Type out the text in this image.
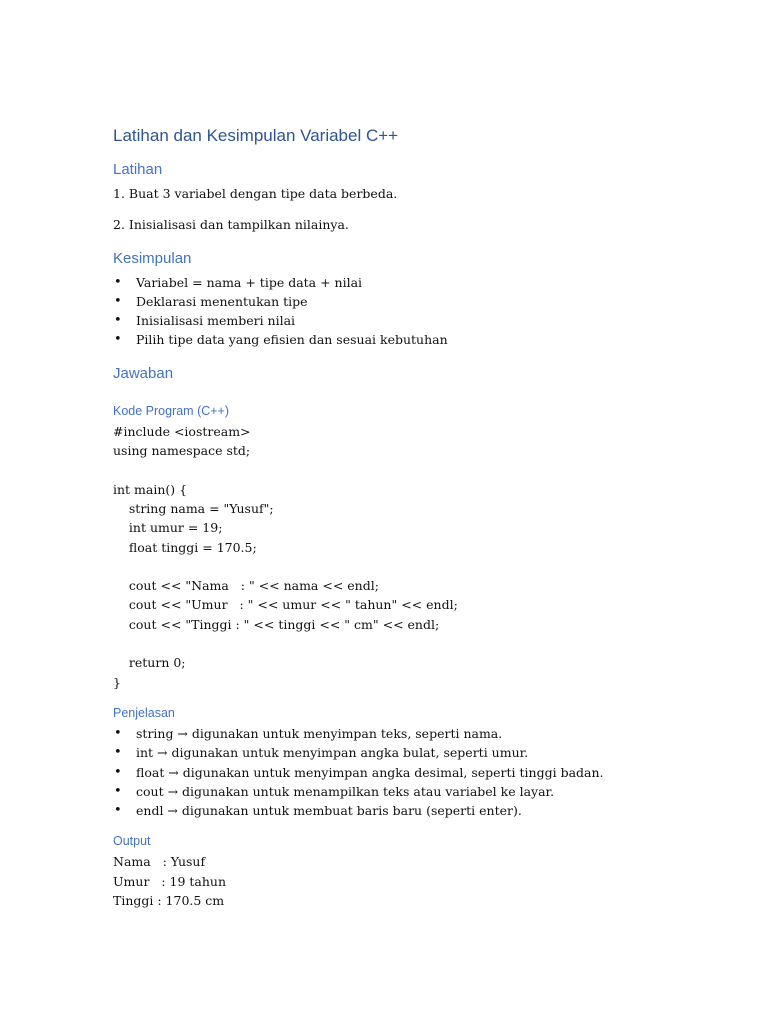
Latihan dan Kesimpulan Variabel C++
Latihan

1. Buat 3 variabel dengan tipe data berbeda.

2. Inisialisasi dan tampilkan nilainya.

Kesimpulan
• Variabel = nama + tipe data + nilai
• Deklarasi menentukan tipe
• Inisialisasi memberi nilai
• Pilih tipe data yang efisien dan sesuai kebutuhan
Jawaban
Kode Program (C++)
#include <iostream>
using namespace std;
int main() {
string nama = "Yusuf";
int umur = 19;
float tinggi = 170.5;
cout << "Nama   : " << nama << endl;
cout << "Umur   : " << umur << " tahun" << endl;
cout << "Tinggi : " << tinggi << " cm" << endl;
return 0;
}
Penjelasan
• string → digunakan untuk menyimpan teks, seperti nama.
• int → digunakan untuk menyimpan angka bulat, seperti umur.
• float → digunakan untuk menyimpan angka desimal, seperti tinggi badan.
• cout → digunakan untuk menampilkan teks atau variabel ke layar.
• endl → digunakan untuk membuat baris baru (seperti enter).
Output
Nama   : Yusuf
Umur   : 19 tahun
Tinggi : 170.5 cm
